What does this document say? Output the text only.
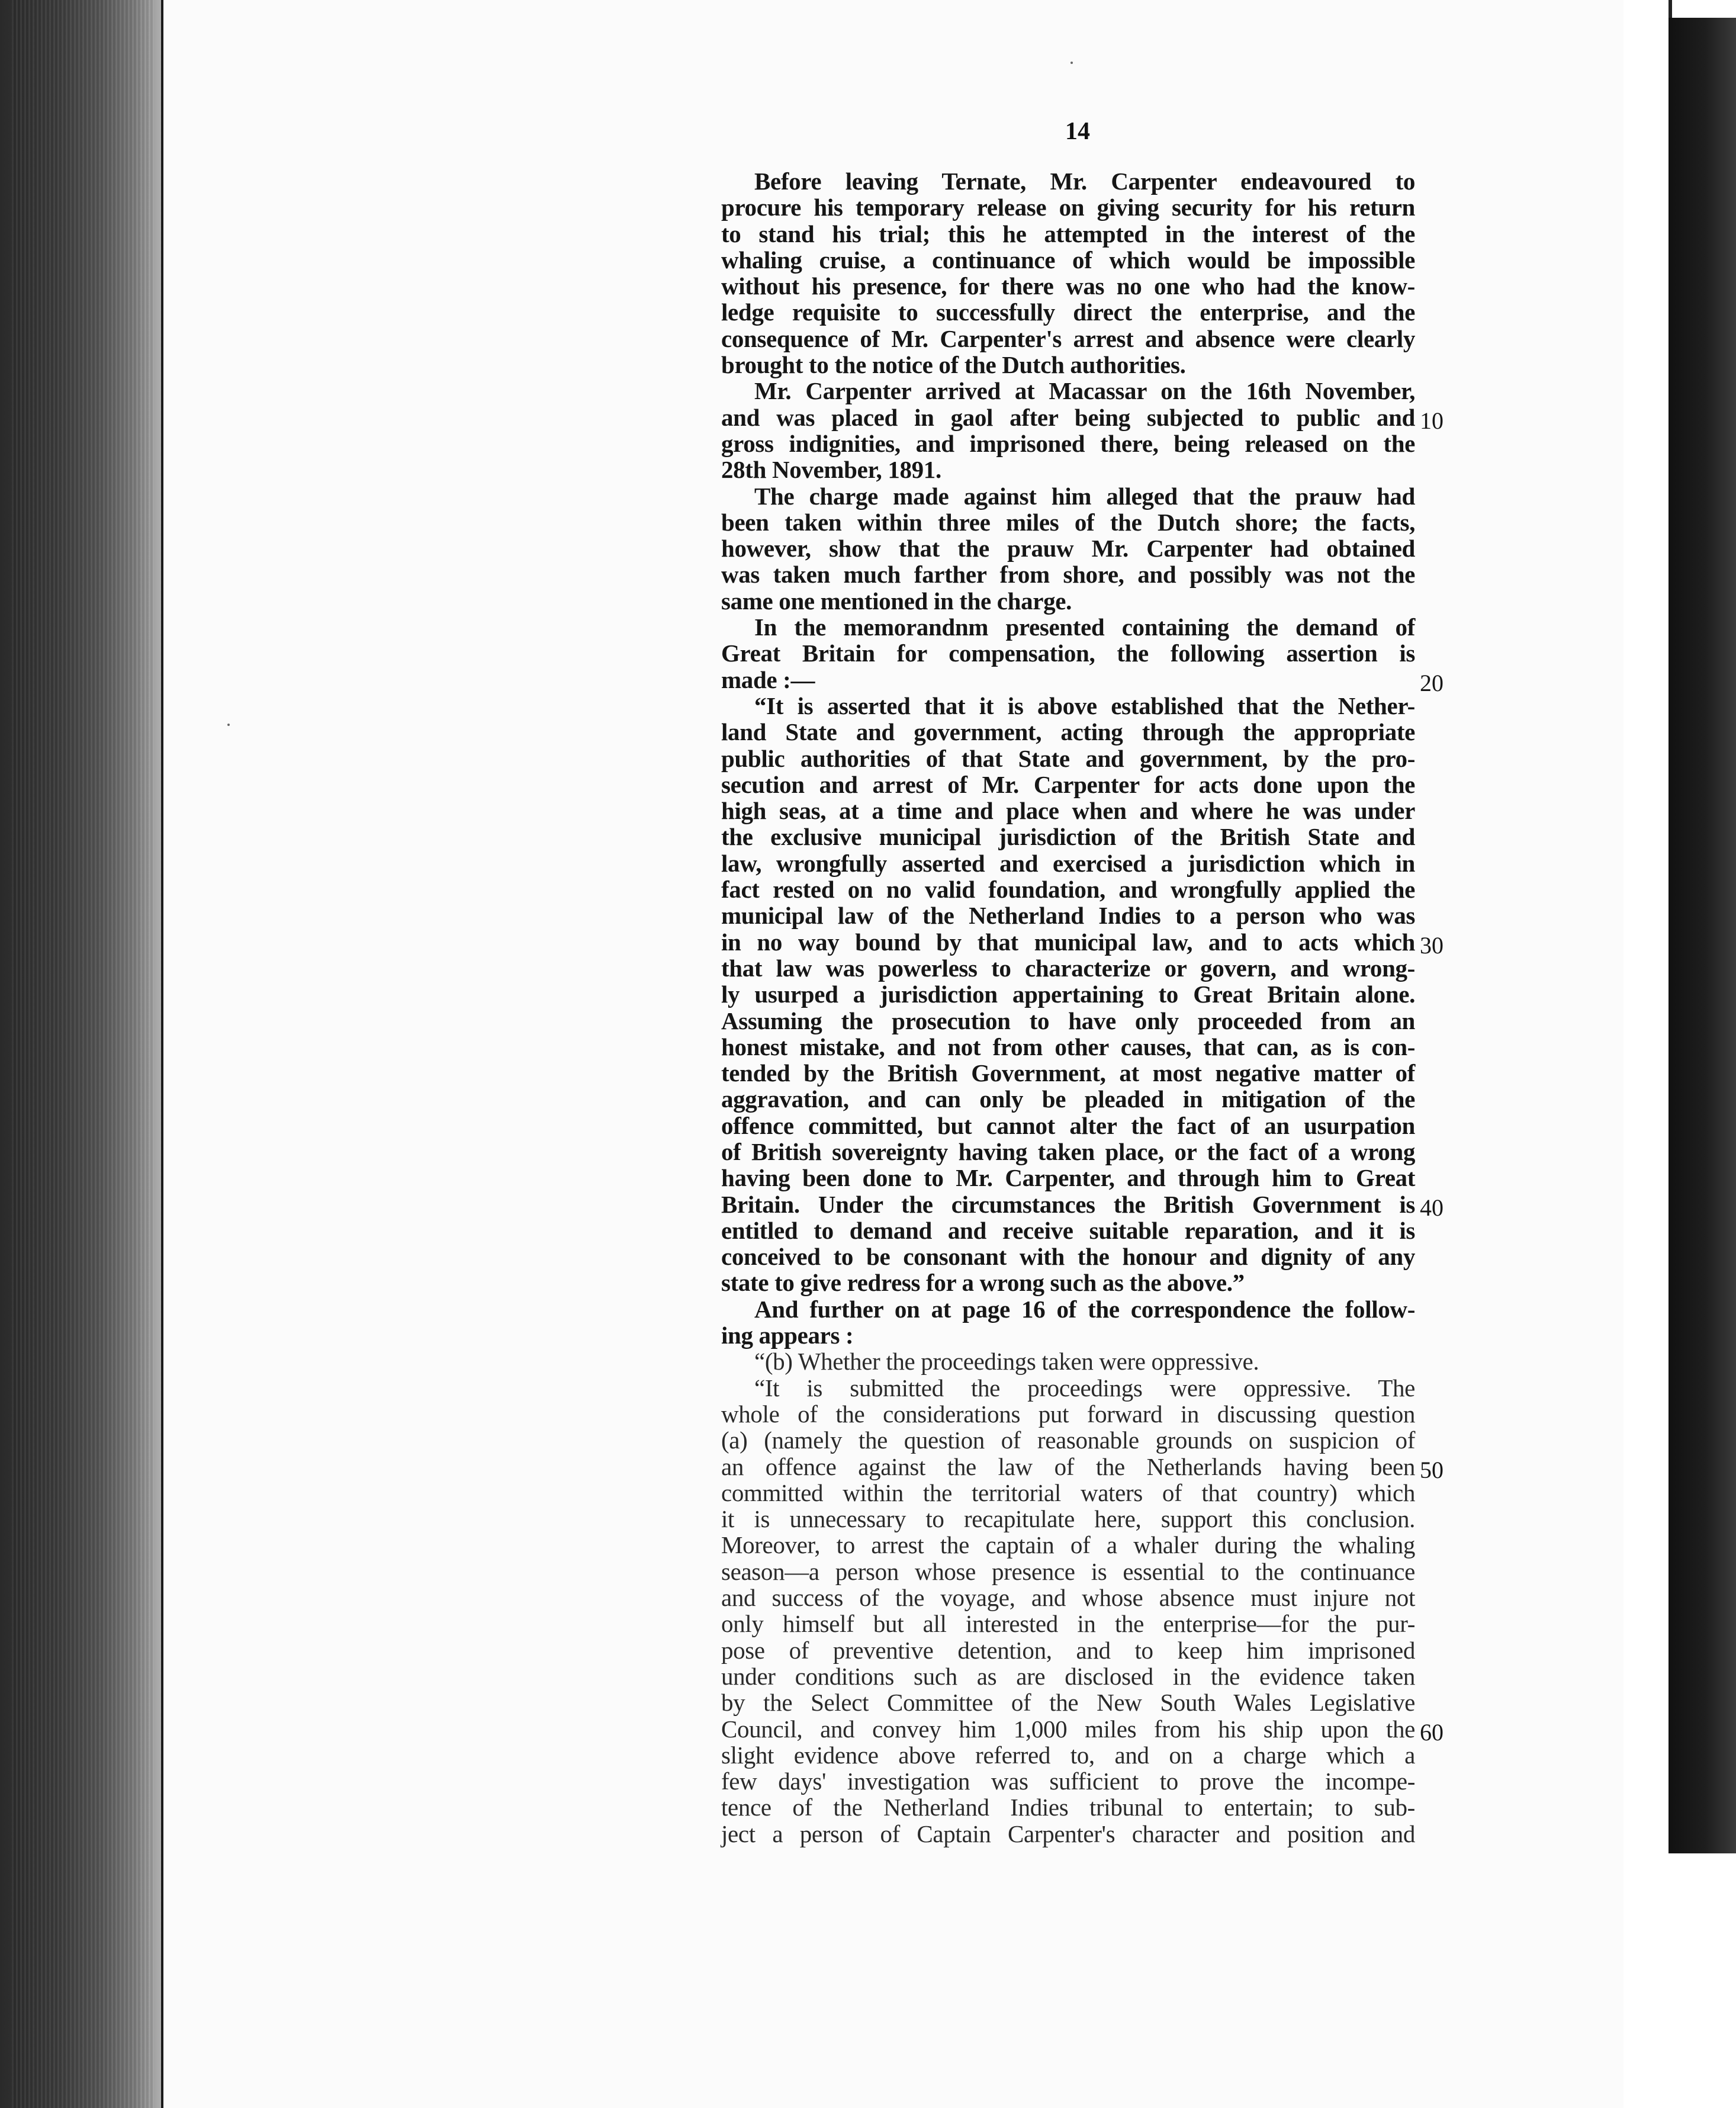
14
Before leaving Ternate, Mr. Carpenter endeavoured to
procure his temporary release on giving security for his return
to stand his trial; this he attempted in the interest of the
whaling cruise, a continuance of which would be impossible
without his presence, for there was no one who had the know-
ledge requisite to successfully direct the enterprise, and the
consequence of Mr. Carpenter's arrest and absence were clearly
brought to the notice of the Dutch authorities.
Mr. Carpenter arrived at Macassar on the 16th November,
and was placed in gaol after being subjected to public and
gross indignities, and imprisoned there, being released on the
28th November, 1891.
The charge made against him alleged that the prauw had
been taken within three miles of the Dutch shore; the facts,
however, show that the prauw Mr. Carpenter had obtained
was taken much farther from shore, and possibly was not the
same one mentioned in the charge.
In the memorandnm presented containing the demand of
Great Britain for compensation, the following assertion is
made :—
“It is asserted that it is above established that the Nether-
land State and government, acting through the appropriate
public authorities of that State and government, by the pro-
secution and arrest of Mr. Carpenter for acts done upon the
high seas, at a time and place when and where he was under
the exclusive municipal jurisdiction of the British State and
law, wrongfully asserted and exercised a jurisdiction which in
fact rested on no valid foundation, and wrongfully applied the
municipal law of the Netherland Indies to a person who was
in no way bound by that municipal law, and to acts which
that law was powerless to characterize or govern, and wrong-
ly usurped a jurisdiction appertaining to Great Britain alone.
Assuming the prosecution to have only proceeded from an
honest mistake, and not from other causes, that can, as is con-
tended by the British Government, at most negative matter of
aggravation, and can only be pleaded in mitigation of the
offence committed, but cannot alter the fact of an usurpation
of British sovereignty having taken place, or the fact of a wrong
having been done to Mr. Carpenter, and through him to Great
Britain. Under the circumstances the British Government is
entitled to demand and receive suitable reparation, and it is
conceived to be consonant with the honour and dignity of any
state to give redress for a wrong such as the above.”
And further on at page 16 of the correspondence the follow-
ing appears :
“(b) Whether the proceedings taken were oppressive.
“It is submitted the proceedings were oppressive. The
whole of the considerations put forward in discussing question
(a) (namely the question of reasonable grounds on suspicion of
an offence against the law of the Netherlands having been
committed within the territorial waters of that country) which
it is unnecessary to recapitulate here, support this conclusion.
Moreover, to arrest the captain of a whaler during the whaling
season—a person whose presence is essential to the continuance
and success of the voyage, and whose absence must injure not
only himself but all interested in the enterprise—for the pur-
pose of preventive detention, and to keep him imprisoned
under conditions such as are disclosed in the evidence taken
by the Select Committee of the New South Wales Legislative
Council, and convey him 1,000 miles from his ship upon the
slight evidence above referred to, and on a charge which a
few days' investigation was sufficient to prove the incompe-
tence of the Netherland Indies tribunal to entertain; to sub-
ject a person of Captain Carpenter's character and position and
10
20
30
40
50
60
